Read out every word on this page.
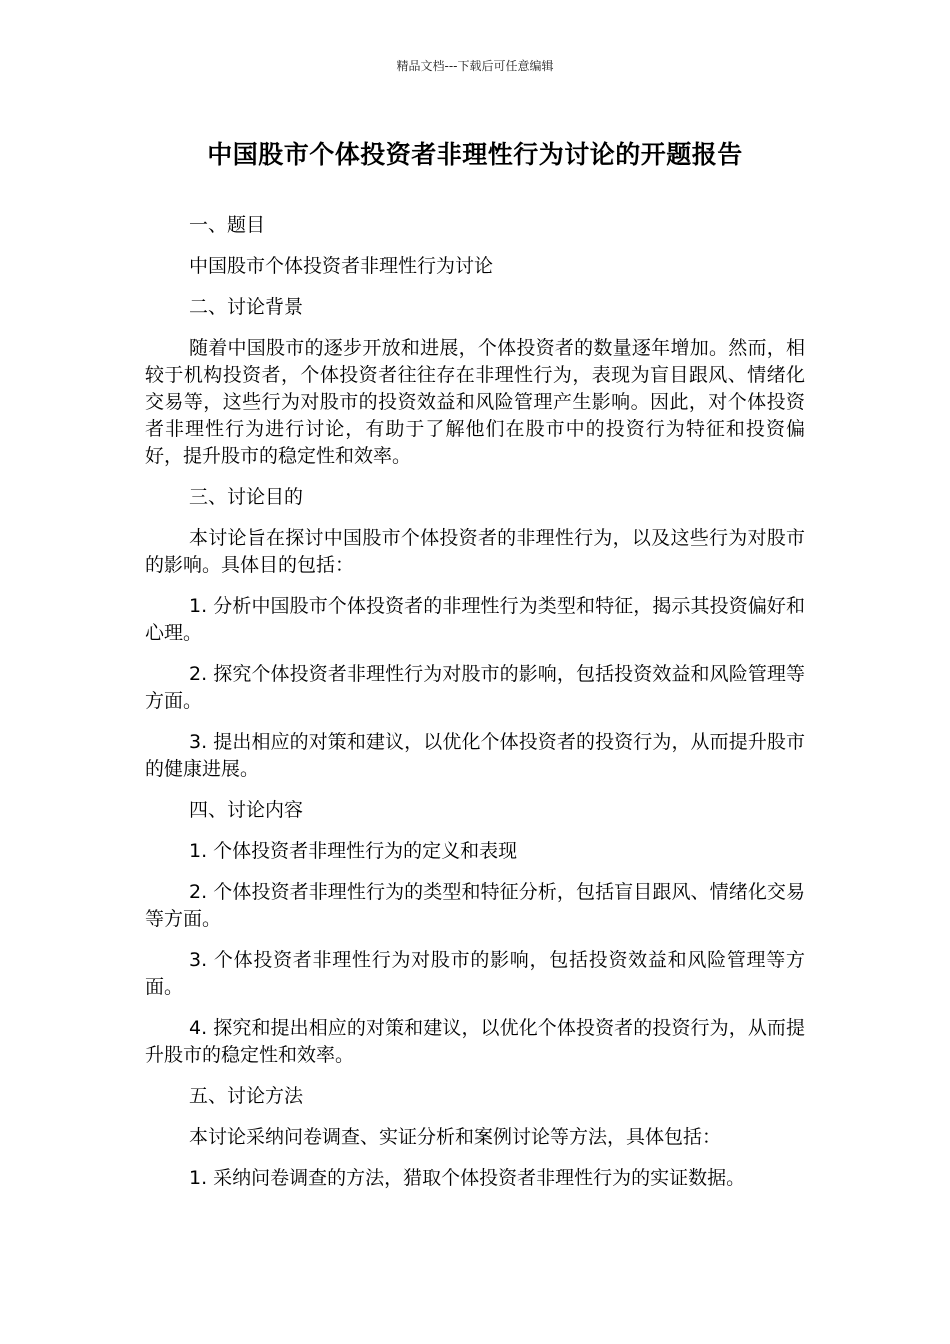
精品文档---下载后可任意编辑
中国股市个体投资者非理性行为讨论的开题报告

一、题目

中国股市个体投资者非理性行为讨论

二、讨论背景

随着中国股市的逐步开放和进展，个体投资者的数量逐年增加。然而，相较于机构投资者，个体投资者往往存在非理性行为，表现为盲目跟风、情绪化交易等，这些行为对股市的投资效益和风险管理产生影响。因此，对个体投资者非理性行为进行讨论，有助于了解他们在股市中的投资行为特征和投资偏好，提升股市的稳定性和效率。

三、讨论目的

本讨论旨在探讨中国股市个体投资者的非理性行为，以及这些行为对股市的影响。具体目的包括：

1. 分析中国股市个体投资者的非理性行为类型和特征，揭示其投资偏好和心理。

2. 探究个体投资者非理性行为对股市的影响，包括投资效益和风险管理等方面。

3. 提出相应的对策和建议，以优化个体投资者的投资行为，从而提升股市的健康进展。

四、讨论内容

1. 个体投资者非理性行为的定义和表现

2. 个体投资者非理性行为的类型和特征分析，包括盲目跟风、情绪化交易等方面。

3. 个体投资者非理性行为对股市的影响，包括投资效益和风险管理等方面。

4. 探究和提出相应的对策和建议，以优化个体投资者的投资行为，从而提升股市的稳定性和效率。

五、讨论方法

本讨论采纳问卷调查、实证分析和案例讨论等方法，具体包括：

1. 采纳问卷调查的方法，猎取个体投资者非理性行为的实证数据。
